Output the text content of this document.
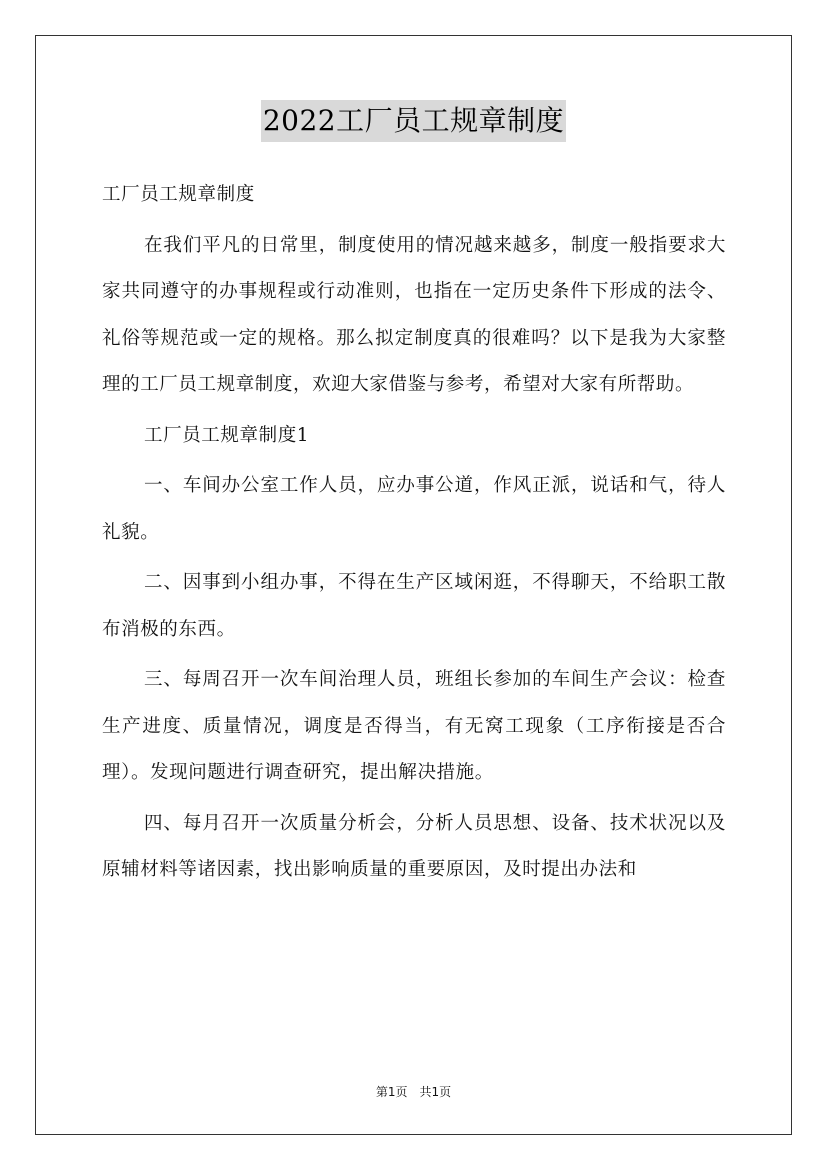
2022工厂员工规章制度

工厂员工规章制度

在我们平凡的日常里，制度使用的情况越来越多，制度一般指要求大家共同遵守的办事规程或行动准则，也指在一定历史条件下形成的法令、礼俗等规范或一定的规格。那么拟定制度真的很难吗？以下是我为大家整理的工厂员工规章制度，欢迎大家借鉴与参考，希望对大家有所帮助。

工厂员工规章制度1

一、车间办公室工作人员，应办事公道，作风正派，说话和气，待人礼貌。

二、因事到小组办事，不得在生产区域闲逛，不得聊天，不给职工散布消极的东西。

三、每周召开一次车间治理人员，班组长参加的车间生产会议：检查生产进度、质量情况，调度是否得当，有无窝工现象（工序衔接是否合理）。发现问题进行调查研究，提出解决措施。

四、每月召开一次质量分析会，分析人员思想、设备、技术状况以及原辅材料等诸因素，找出影响质量的重要原因，及时提出办法和

第1页　共1页
